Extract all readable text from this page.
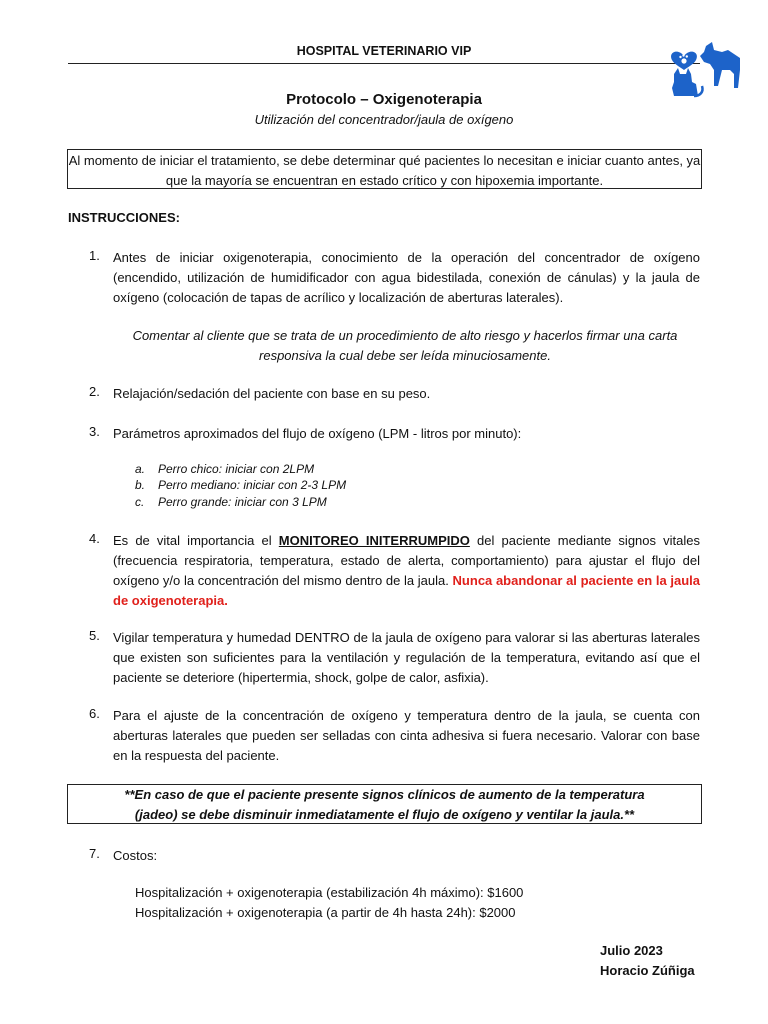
HOSPITAL VETERINARIO VIP
Protocolo – Oxigenoterapia
Utilización del concentrador/jaula de oxígeno
Al momento de iniciar el tratamiento, se debe determinar qué pacientes lo necesitan e iniciar cuanto antes, ya que la mayoría se encuentran en estado crítico y con hipoxemia importante.
INSTRUCCIONES:
1.	Antes de iniciar oxigenoterapia, conocimiento de la operación del concentrador de oxígeno (encendido, utilización de humidificador con agua bidestilada, conexión de cánulas) y la jaula de oxígeno (colocación de tapas de acrílico y localización de aberturas laterales).
Comentar al cliente que se trata de un procedimiento de alto riesgo y hacerlos firmar una carta responsiva la cual debe ser leída minuciosamente.
2.	Relajación/sedación del paciente con base en su peso.
3.	Parámetros aproximados del flujo de oxígeno (LPM - litros por minuto):
a. Perro chico: iniciar con 2LPM
b. Perro mediano: iniciar con 2-3 LPM
c. Perro grande: iniciar con 3 LPM
4.	Es de vital importancia el MONITOREO INITERRUMPIDO del paciente mediante signos vitales (frecuencia respiratoria, temperatura, estado de alerta, comportamiento) para ajustar el flujo del oxígeno y/o la concentración del mismo dentro de la jaula. Nunca abandonar al paciente en la jaula de oxigenoterapia.
5.	Vigilar temperatura y humedad DENTRO de la jaula de oxígeno para valorar si las aberturas laterales que existen son suficientes para la ventilación y regulación de la temperatura, evitando así que el paciente se deteriore (hipertermia, shock, golpe de calor, asfixia).
6.	Para el ajuste de la concentración de oxígeno y temperatura dentro de la jaula, se cuenta con aberturas laterales que pueden ser selladas con cinta adhesiva si fuera necesario. Valorar con base en la respuesta del paciente.
**En caso de que el paciente presente signos clínicos de aumento de la temperatura
(jadeo) se debe disminuir inmediatamente el flujo de oxígeno y ventilar la jaula.**
7.	Costos:
Hospitalización + oxigenoterapia (estabilización 4h máximo): $1600
Hospitalización + oxigenoterapia (a partir de 4h hasta 24h): $2000
Julio 2023
Horacio Zúñiga
